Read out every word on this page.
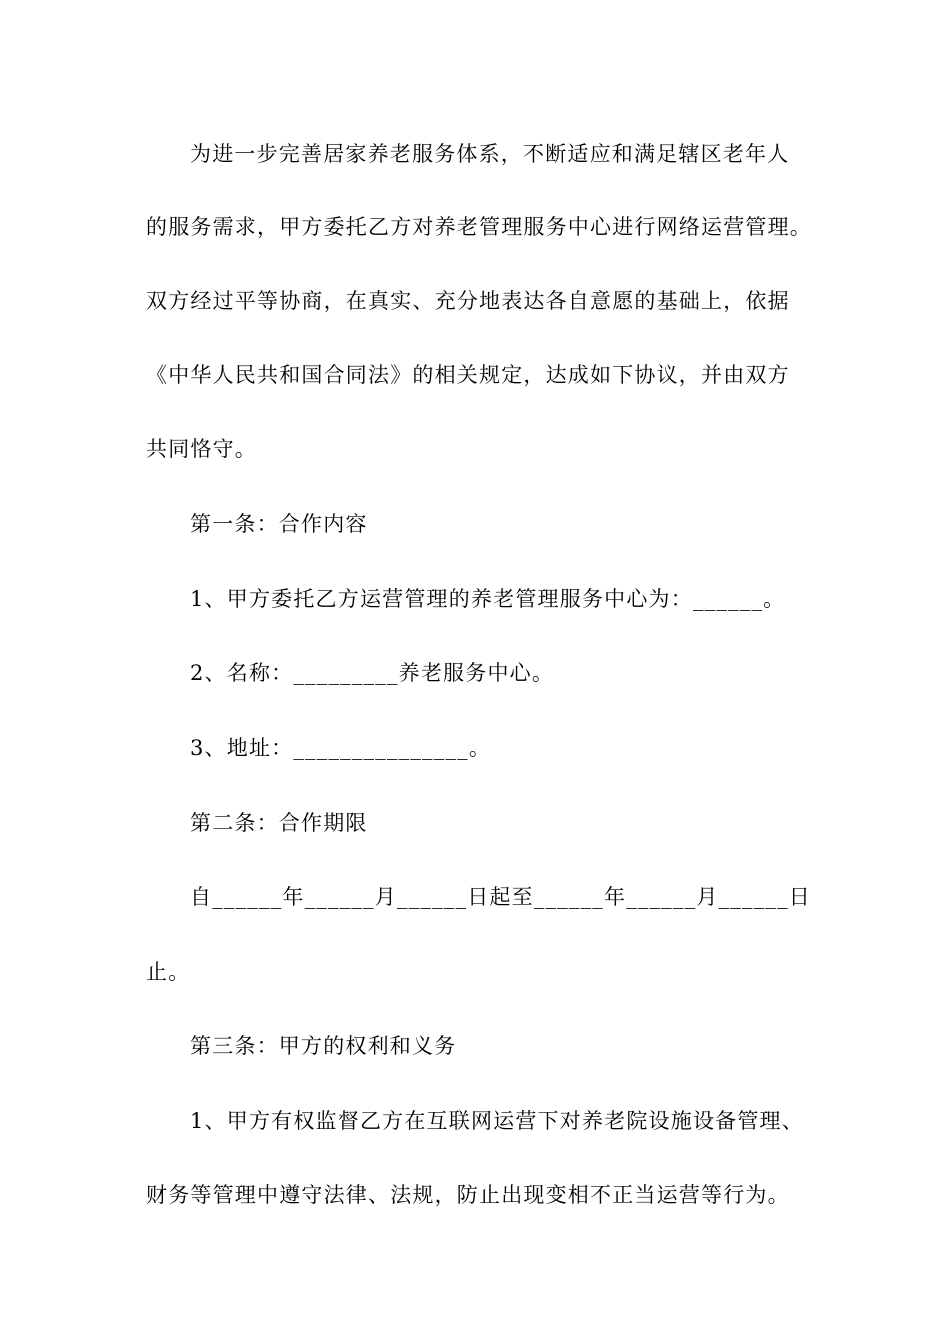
为进一步完善居家养老服务体系，不断适应和满足辖区老年人
的服务需求，甲方委托乙方对养老管理服务中心进行网络运营管理。
双方经过平等协商，在真实、充分地表达各自意愿的基础上，依据
《中华人民共和国合同法》的相关规定，达成如下协议，并由双方
共同恪守。
第一条：合作内容
1、甲方委托乙方运营管理的养老管理服务中心为：______。
2、名称：_________养老服务中心。
3、地址：_______________。
第二条：合作期限
自______年______月______日起至______年______月______日
止。
第三条：甲方的权利和义务
1、甲方有权监督乙方在互联网运营下对养老院设施设备管理、
财务等管理中遵守法律、法规，防止出现变相不正当运营等行为。
